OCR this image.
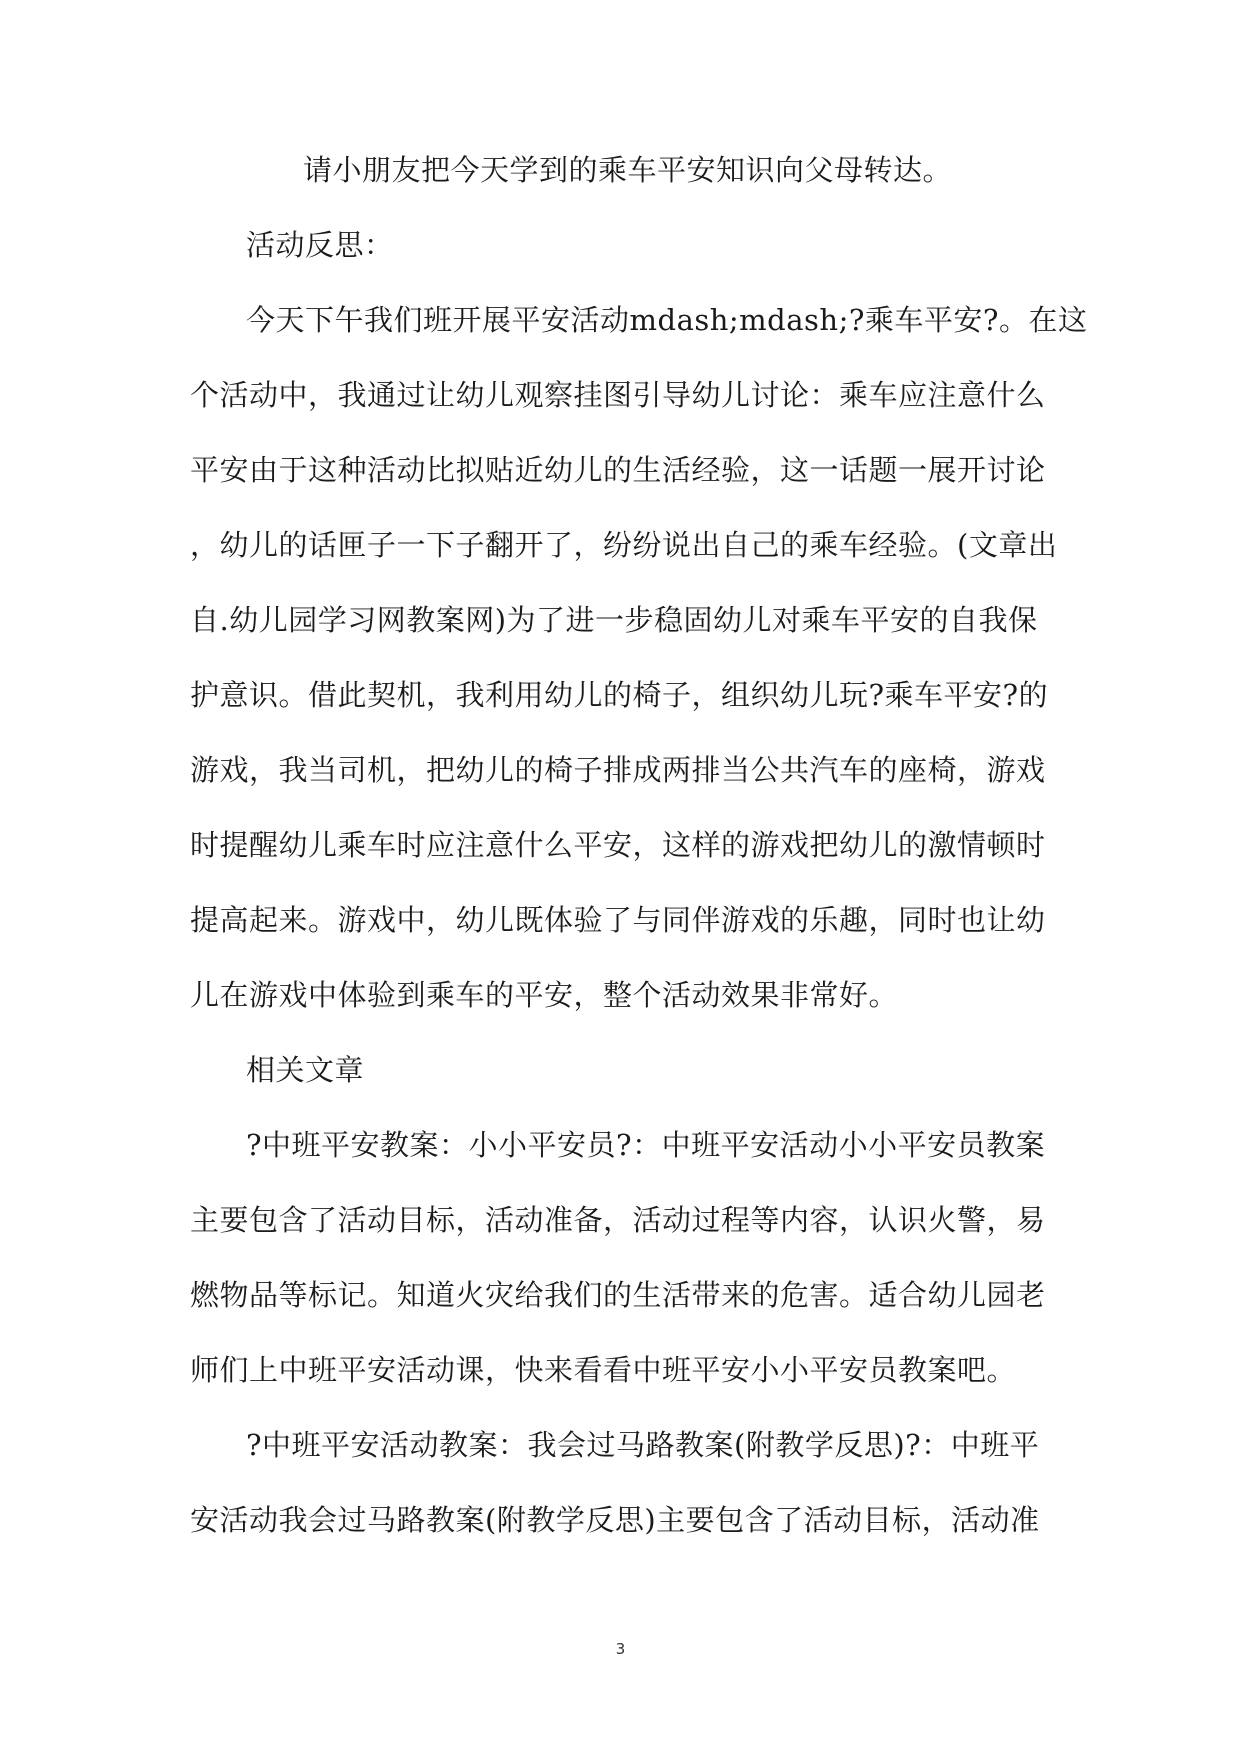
请小朋友把今天学到的乘车平安知识向父母转达。
活动反思：
今天下午我们班开展平安活动mdash;mdash;?乘车平安?。在这
个活动中，我通过让幼儿观察挂图引导幼儿讨论：乘车应注意什么
平安由于这种活动比拟贴近幼儿的生活经验，这一话题一展开讨论
，幼儿的话匣子一下子翻开了，纷纷说出自己的乘车经验。(文章出
自.幼儿园学习网教案网)为了进一步稳固幼儿对乘车平安的自我保
护意识。借此契机，我利用幼儿的椅子，组织幼儿玩?乘车平安?的
游戏，我当司机，把幼儿的椅子排成两排当公共汽车的座椅，游戏
时提醒幼儿乘车时应注意什么平安，这样的游戏把幼儿的激情顿时
提高起来。游戏中，幼儿既体验了与同伴游戏的乐趣，同时也让幼
儿在游戏中体验到乘车的平安，整个活动效果非常好。
相关文章
?中班平安教案：小小平安员?：中班平安活动小小平安员教案
主要包含了活动目标，活动准备，活动过程等内容，认识火警，易
燃物品等标记。知道火灾给我们的生活带来的危害。适合幼儿园老
师们上中班平安活动课，快来看看中班平安小小平安员教案吧。
?中班平安活动教案：我会过马路教案(附教学反思)?：中班平
安活动我会过马路教案(附教学反思)主要包含了活动目标，活动准
3
